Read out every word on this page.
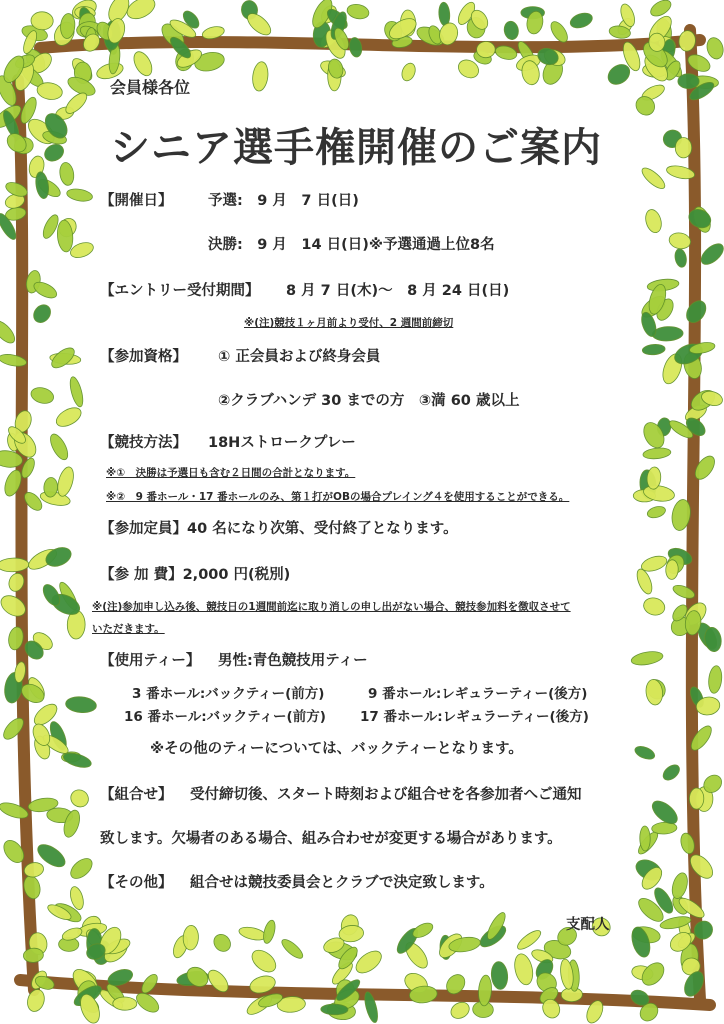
会員様各位
シニア選手権開催のご案内
【開催日】 予選:　9 月　7 日(日)
決勝:　9 月　14 日(日)※予選通過上位8名
【エントリー受付期間】 8 月 7 日(木)～　8 月 24 日(日)
※(注)競技１ヶ月前より受付、2 週間前締切
【参加資格】 ① 正会員および終身会員
②クラブハンデ 30 までの方　③満 60 歳以上
【競技方法】 18Hストロークプレー
※①　決勝は予選日も含む２日間の合計となります。
※②　9 番ホール・17 番ホールのみ、第１打がOBの場合プレイング４を使用することができる。
【参加定員】40 名になり次第、受付終了となります。
【参 加 費】2,000 円(税別)
※(注)参加申し込み後、競技日の1週間前迄に取り消しの申し出がない場合、競技参加料を徴収させて
いただきます。
【使用ティー】 男性:青色競技用ティー
3 番ホール:バックティー(前方)	9 番ホール:レギュラーティー(後方)
16 番ホール:バックティー(前方)	17 番ホール:レギュラーティー(後方)
※その他のティーについては、バックティーとなります。
【組合せ】 受付締切後、スタート時刻および組合せを各参加者へご通知
致します。欠場者のある場合、組み合わせが変更する場合があります。
【その他】 組合せは競技委員会とクラブで決定致します。
支配人
